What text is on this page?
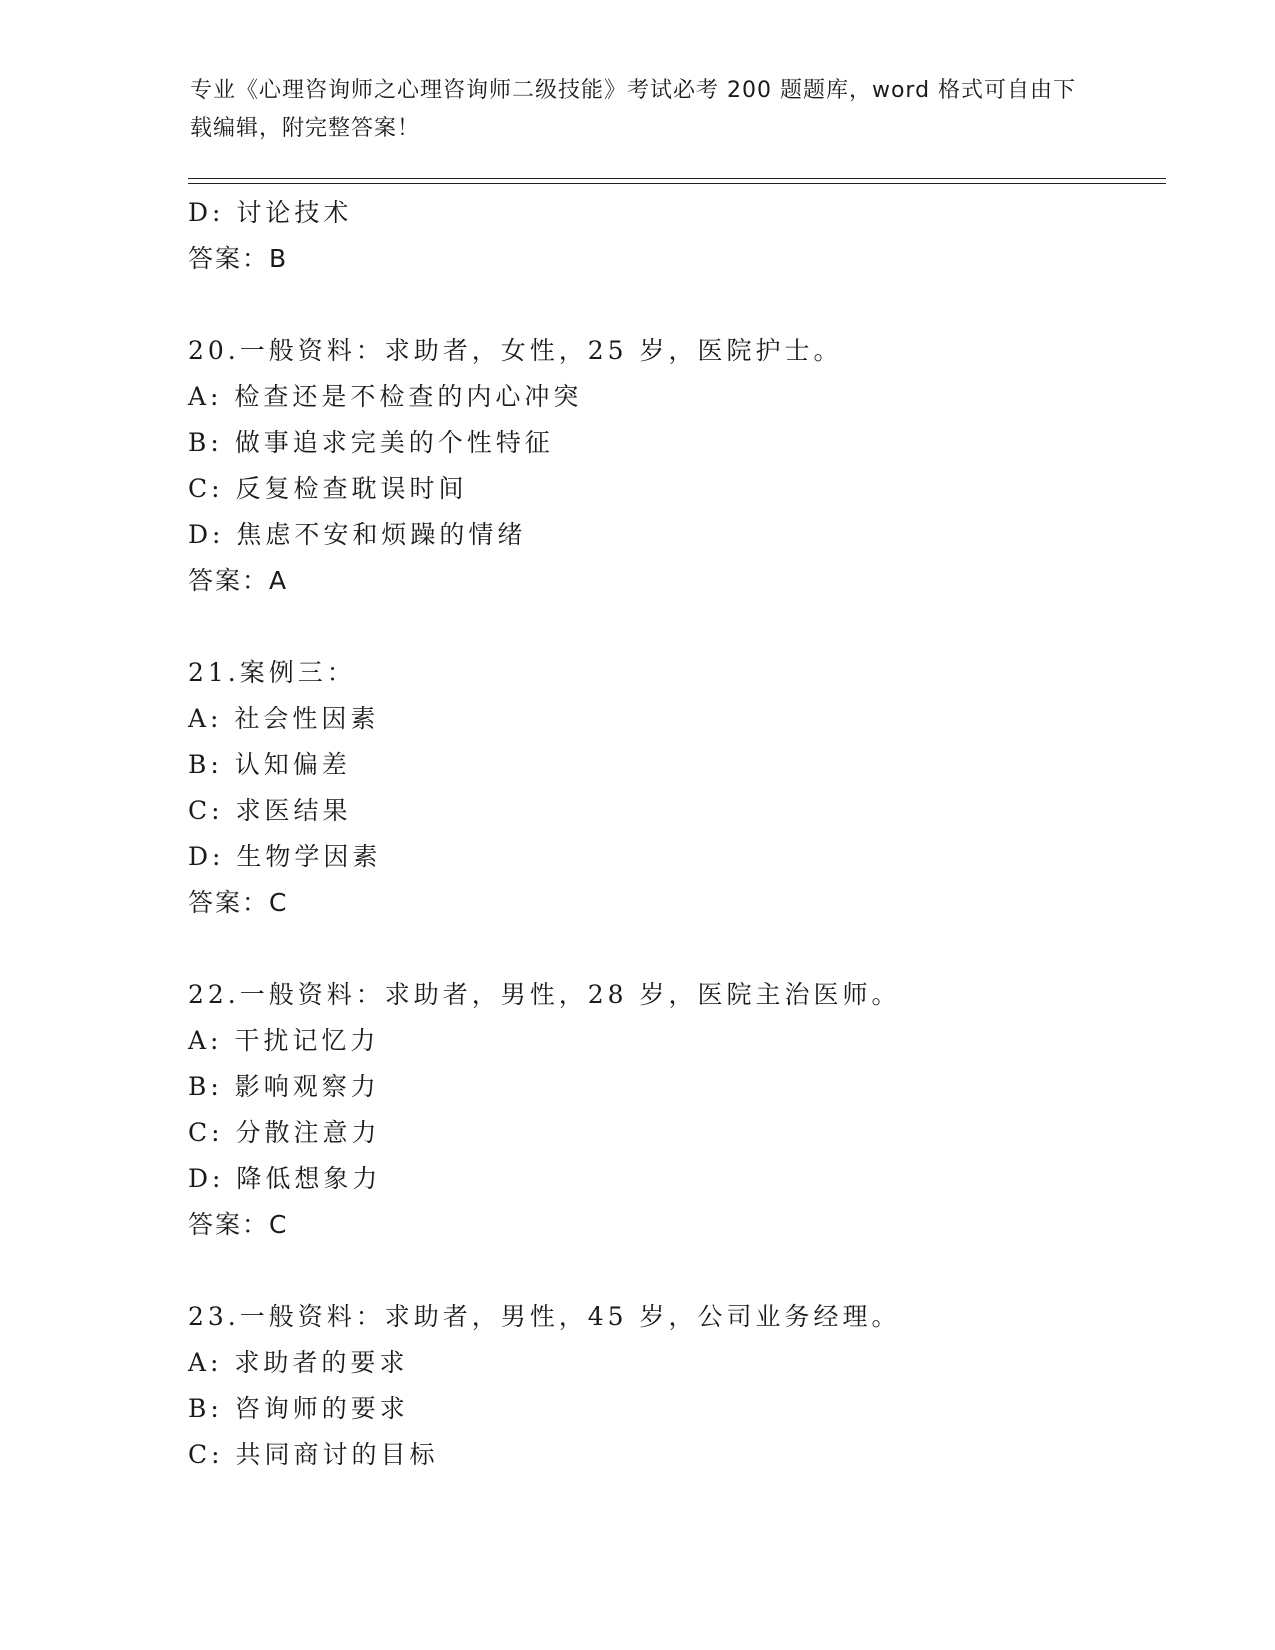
专业《心理咨询师之心理咨询师二级技能》考试必考 200 题题库，word 格式可自由下载编辑，附完整答案！
D: 讨论技术
答案：B
20.一般资料：求助者，女性，25 岁，医院护士。
A: 检查还是不检查的内心冲突
B: 做事追求完美的个性特征
C: 反复检查耽误时间
D: 焦虑不安和烦躁的情绪
答案：A
21.案例三：
A: 社会性因素
B: 认知偏差
C: 求医结果
D: 生物学因素
答案：C
22.一般资料：求助者，男性，28 岁，医院主治医师。
A: 干扰记忆力
B: 影响观察力
C: 分散注意力
D: 降低想象力
答案：C
23.一般资料：求助者，男性，45 岁，公司业务经理。
A: 求助者的要求
B: 咨询师的要求
C: 共同商讨的目标
